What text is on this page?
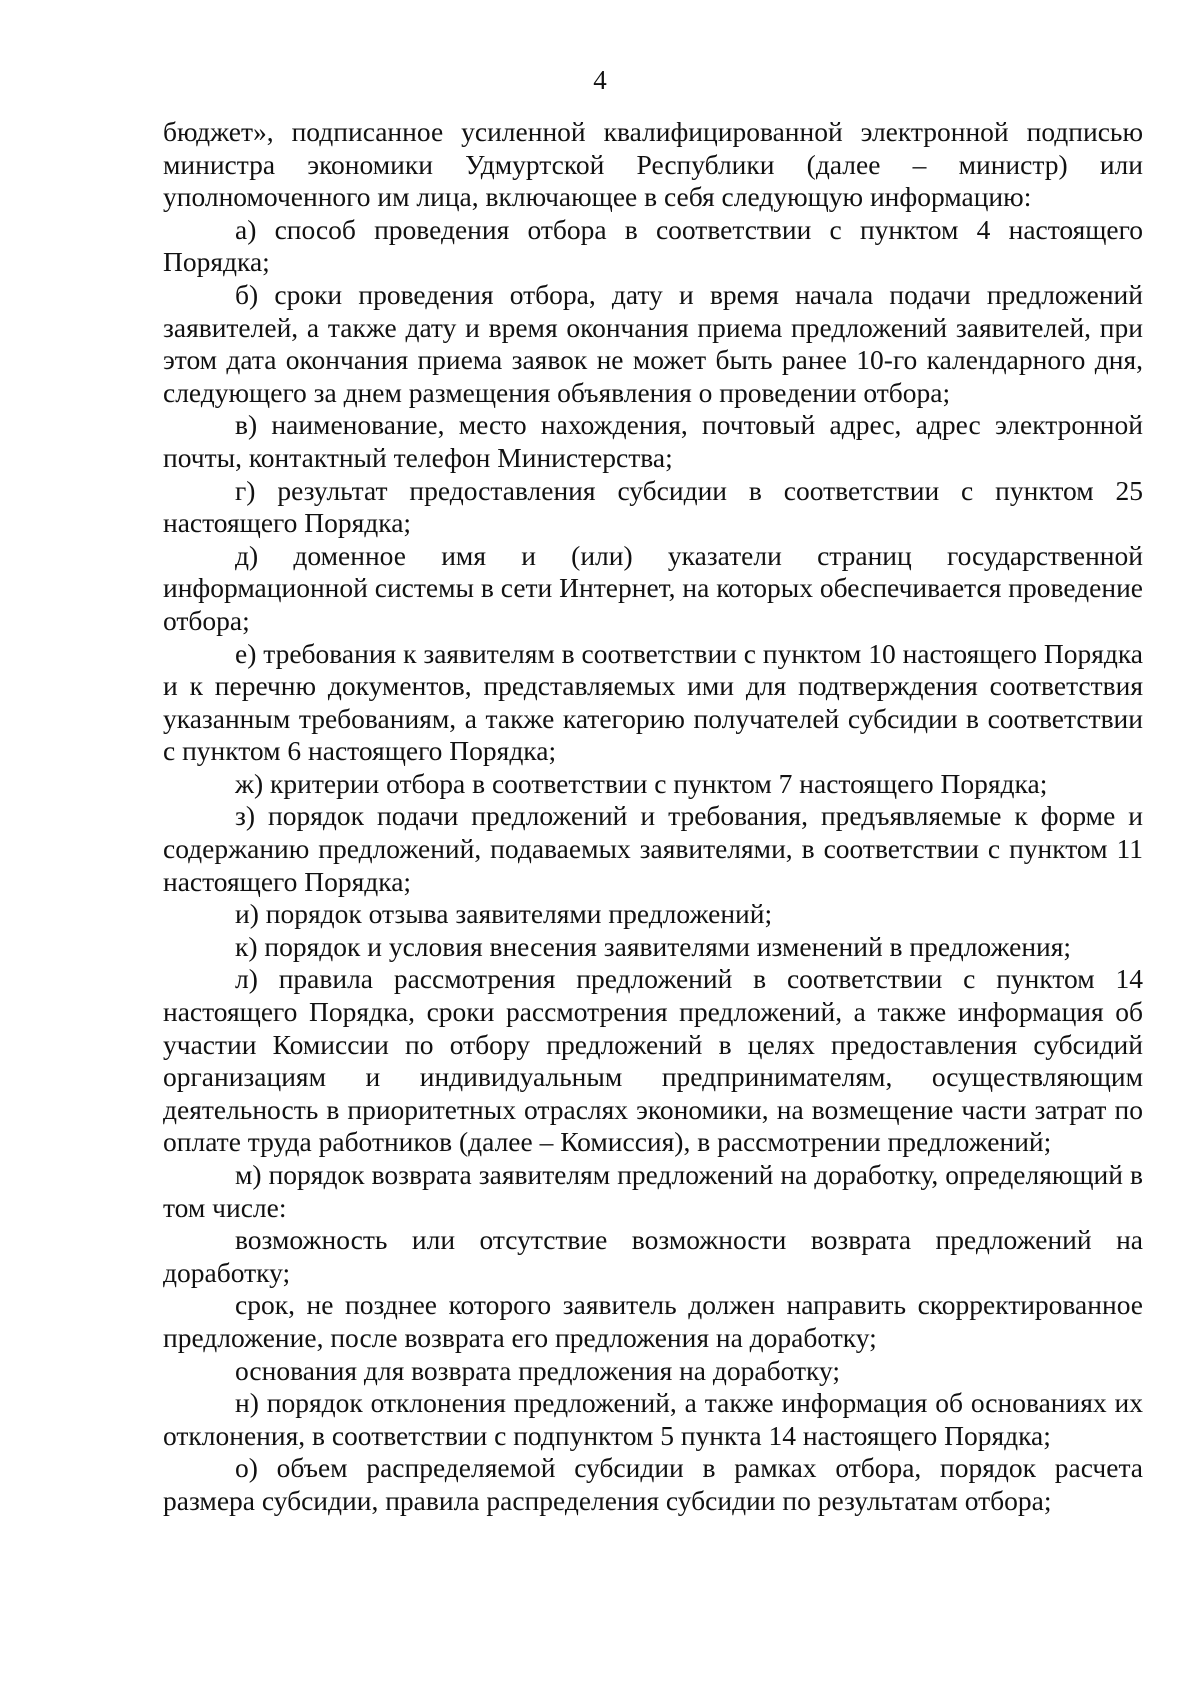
4

бюджет», подписанное усиленной квалифицированной электронной подписью министра экономики Удмуртской Республики (далее – министр) или уполномоченного им лица, включающее в себя следующую информацию:

а) способ проведения отбора в соответствии с пунктом 4 настоящего Порядка;

б) сроки проведения отбора, дату и время начала подачи предложений заявителей, а также дату и время окончания приема предложений заявителей, при этом дата окончания приема заявок не может быть ранее 10-го календарного дня, следующего за днем размещения объявления о проведении отбора;

в) наименование, место нахождения, почтовый адрес, адрес электронной почты, контактный телефон Министерства;

г) результат предоставления субсидии в соответствии с пунктом 25 настоящего Порядка;

д) доменное имя и (или) указатели страниц государственной информационной системы в сети Интернет, на которых обеспечивается проведение отбора;

е) требования к заявителям в соответствии с пунктом 10 настоящего Порядка и к перечню документов, представляемых ими для подтверждения соответствия указанным требованиям, а также категорию получателей субсидии в соответствии с пунктом 6 настоящего Порядка;

ж) критерии отбора в соответствии с пунктом 7 настоящего Порядка;

з) порядок подачи предложений и требования, предъявляемые к форме и содержанию предложений, подаваемых заявителями, в соответствии с пунктом 11 настоящего Порядка;

и) порядок отзыва заявителями предложений;

к) порядок и условия внесения заявителями изменений в предложения;

л) правила рассмотрения предложений в соответствии с пунктом 14 настоящего Порядка, сроки рассмотрения предложений, а также информация об участии Комиссии по отбору предложений в целях предоставления субсидий организациям и индивидуальным предпринимателям, осуществляющим деятельность в приоритетных отраслях экономики, на возмещение части затрат по оплате труда работников (далее – Комиссия), в рассмотрении предложений;

м) порядок возврата заявителям предложений на доработку, определяющий в том числе:

возможность или отсутствие возможности возврата предложений на доработку;

срок, не позднее которого заявитель должен направить скорректированное предложение, после возврата его предложения на доработку;

основания для возврата предложения на доработку;

н) порядок отклонения предложений, а также информация об основаниях их отклонения, в соответствии с подпунктом 5 пункта 14 настоящего Порядка;

о) объем распределяемой субсидии в рамках отбора, порядок расчета размера субсидии, правила распределения субсидии по результатам отбора;
